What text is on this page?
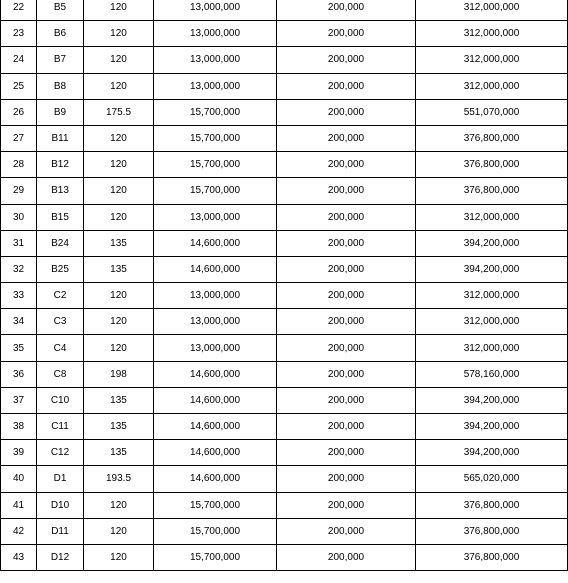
22	B5	120	13,000,000	200,000	312,000,000
23	B6	120	13,000,000	200,000	312,000,000
24	B7	120	13,000,000	200,000	312,000,000
25	B8	120	13,000,000	200,000	312,000,000
26	B9	175.5	15,700,000	200,000	551,070,000
27	B11	120	15,700,000	200,000	376,800,000
28	B12	120	15,700,000	200,000	376,800,000
29	B13	120	15,700,000	200,000	376,800,000
30	B15	120	13,000,000	200,000	312,000,000
31	B24	135	14,600,000	200,000	394,200,000
32	B25	135	14,600,000	200,000	394,200,000
33	C2	120	13,000,000	200,000	312,000,000
34	C3	120	13,000,000	200,000	312,000,000
35	C4	120	13,000,000	200,000	312,000,000
36	C8	198	14,600,000	200,000	578,160,000
37	C10	135	14,600,000	200,000	394,200,000
38	C11	135	14,600,000	200,000	394,200,000
39	C12	135	14,600,000	200,000	394,200,000
40	D1	193.5	14,600,000	200,000	565,020,000
41	D10	120	15,700,000	200,000	376,800,000
42	D11	120	15,700,000	200,000	376,800,000
43	D12	120	15,700,000	200,000	376,800,000
